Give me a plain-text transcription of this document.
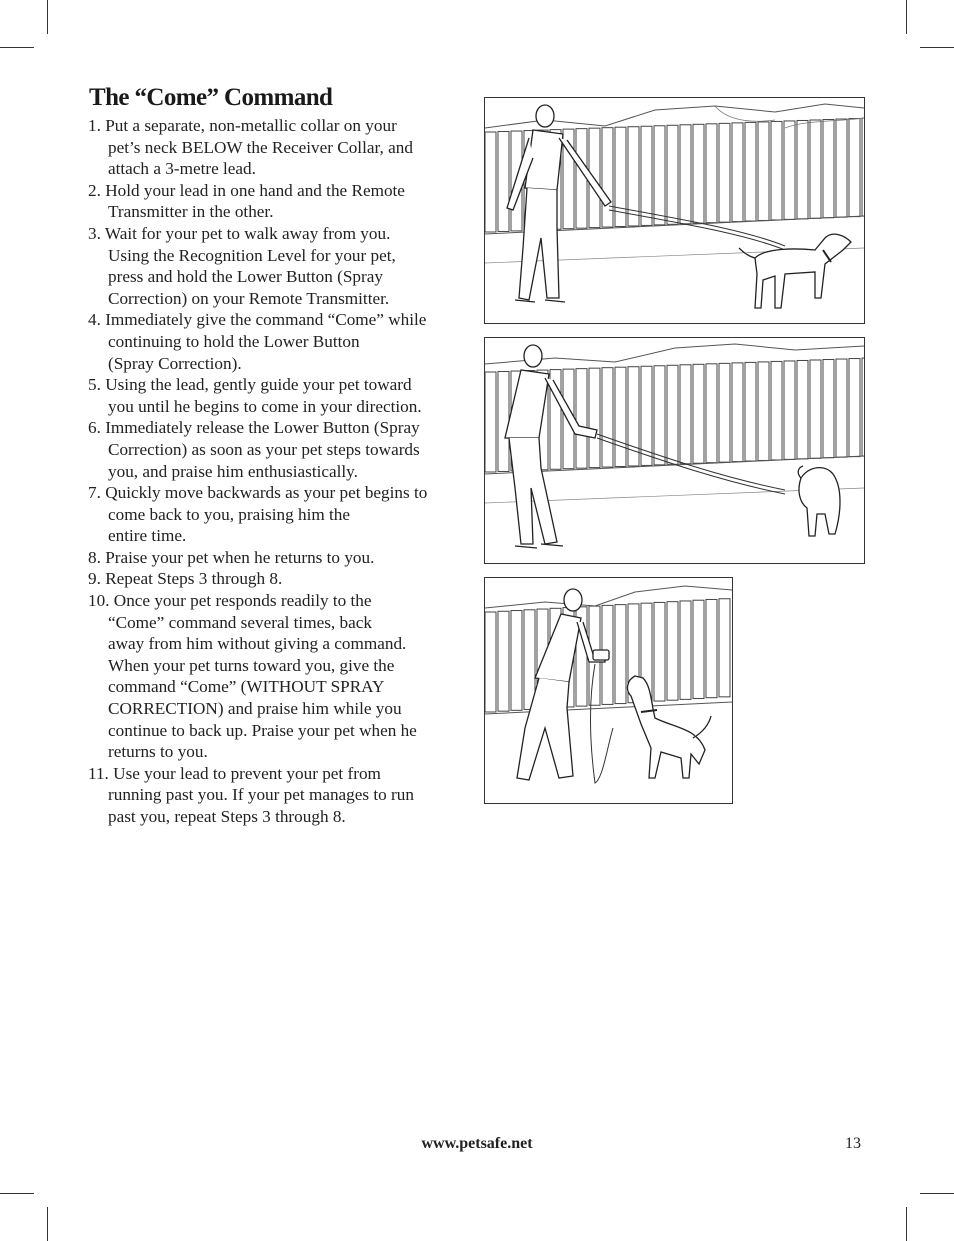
The “Come” Command
1. Put a separate, non-metallic collar on your
pet’s neck BELOW the Receiver Collar, and
attach a 3-metre lead.
2. Hold your lead in one hand and the Remote
Transmitter in the other.
3. Wait for your pet to walk away from you.
Using the Recognition Level for your pet,
press and hold the Lower Button (Spray
Correction) on your Remote Transmitter.
4. Immediately give the command “Come” while
continuing to hold the Lower Button
(Spray Correction).
5. Using the lead, gently guide your pet toward
you until he begins to come in your direction.
6. Immediately release the Lower Button (Spray
Correction) as soon as your pet steps towards
you, and praise him enthusiastically.
7. Quickly move backwards as your pet begins to
come back to you, praising him the
entire time.
8. Praise your pet when he returns to you.
9. Repeat Steps 3 through 8.
10. Once your pet responds readily to the
“Come” command several times, back
away from him without giving a command.
When your pet turns toward you, give the
command “Come” (WITHOUT SPRAY
CORRECTION) and praise him while you
continue to back up. Praise your pet when he
returns to you.
11. Use your lead to prevent your pet from
running past you. If your pet manages to run
past you, repeat Steps 3 through 8.
www.petsafe.net	13
